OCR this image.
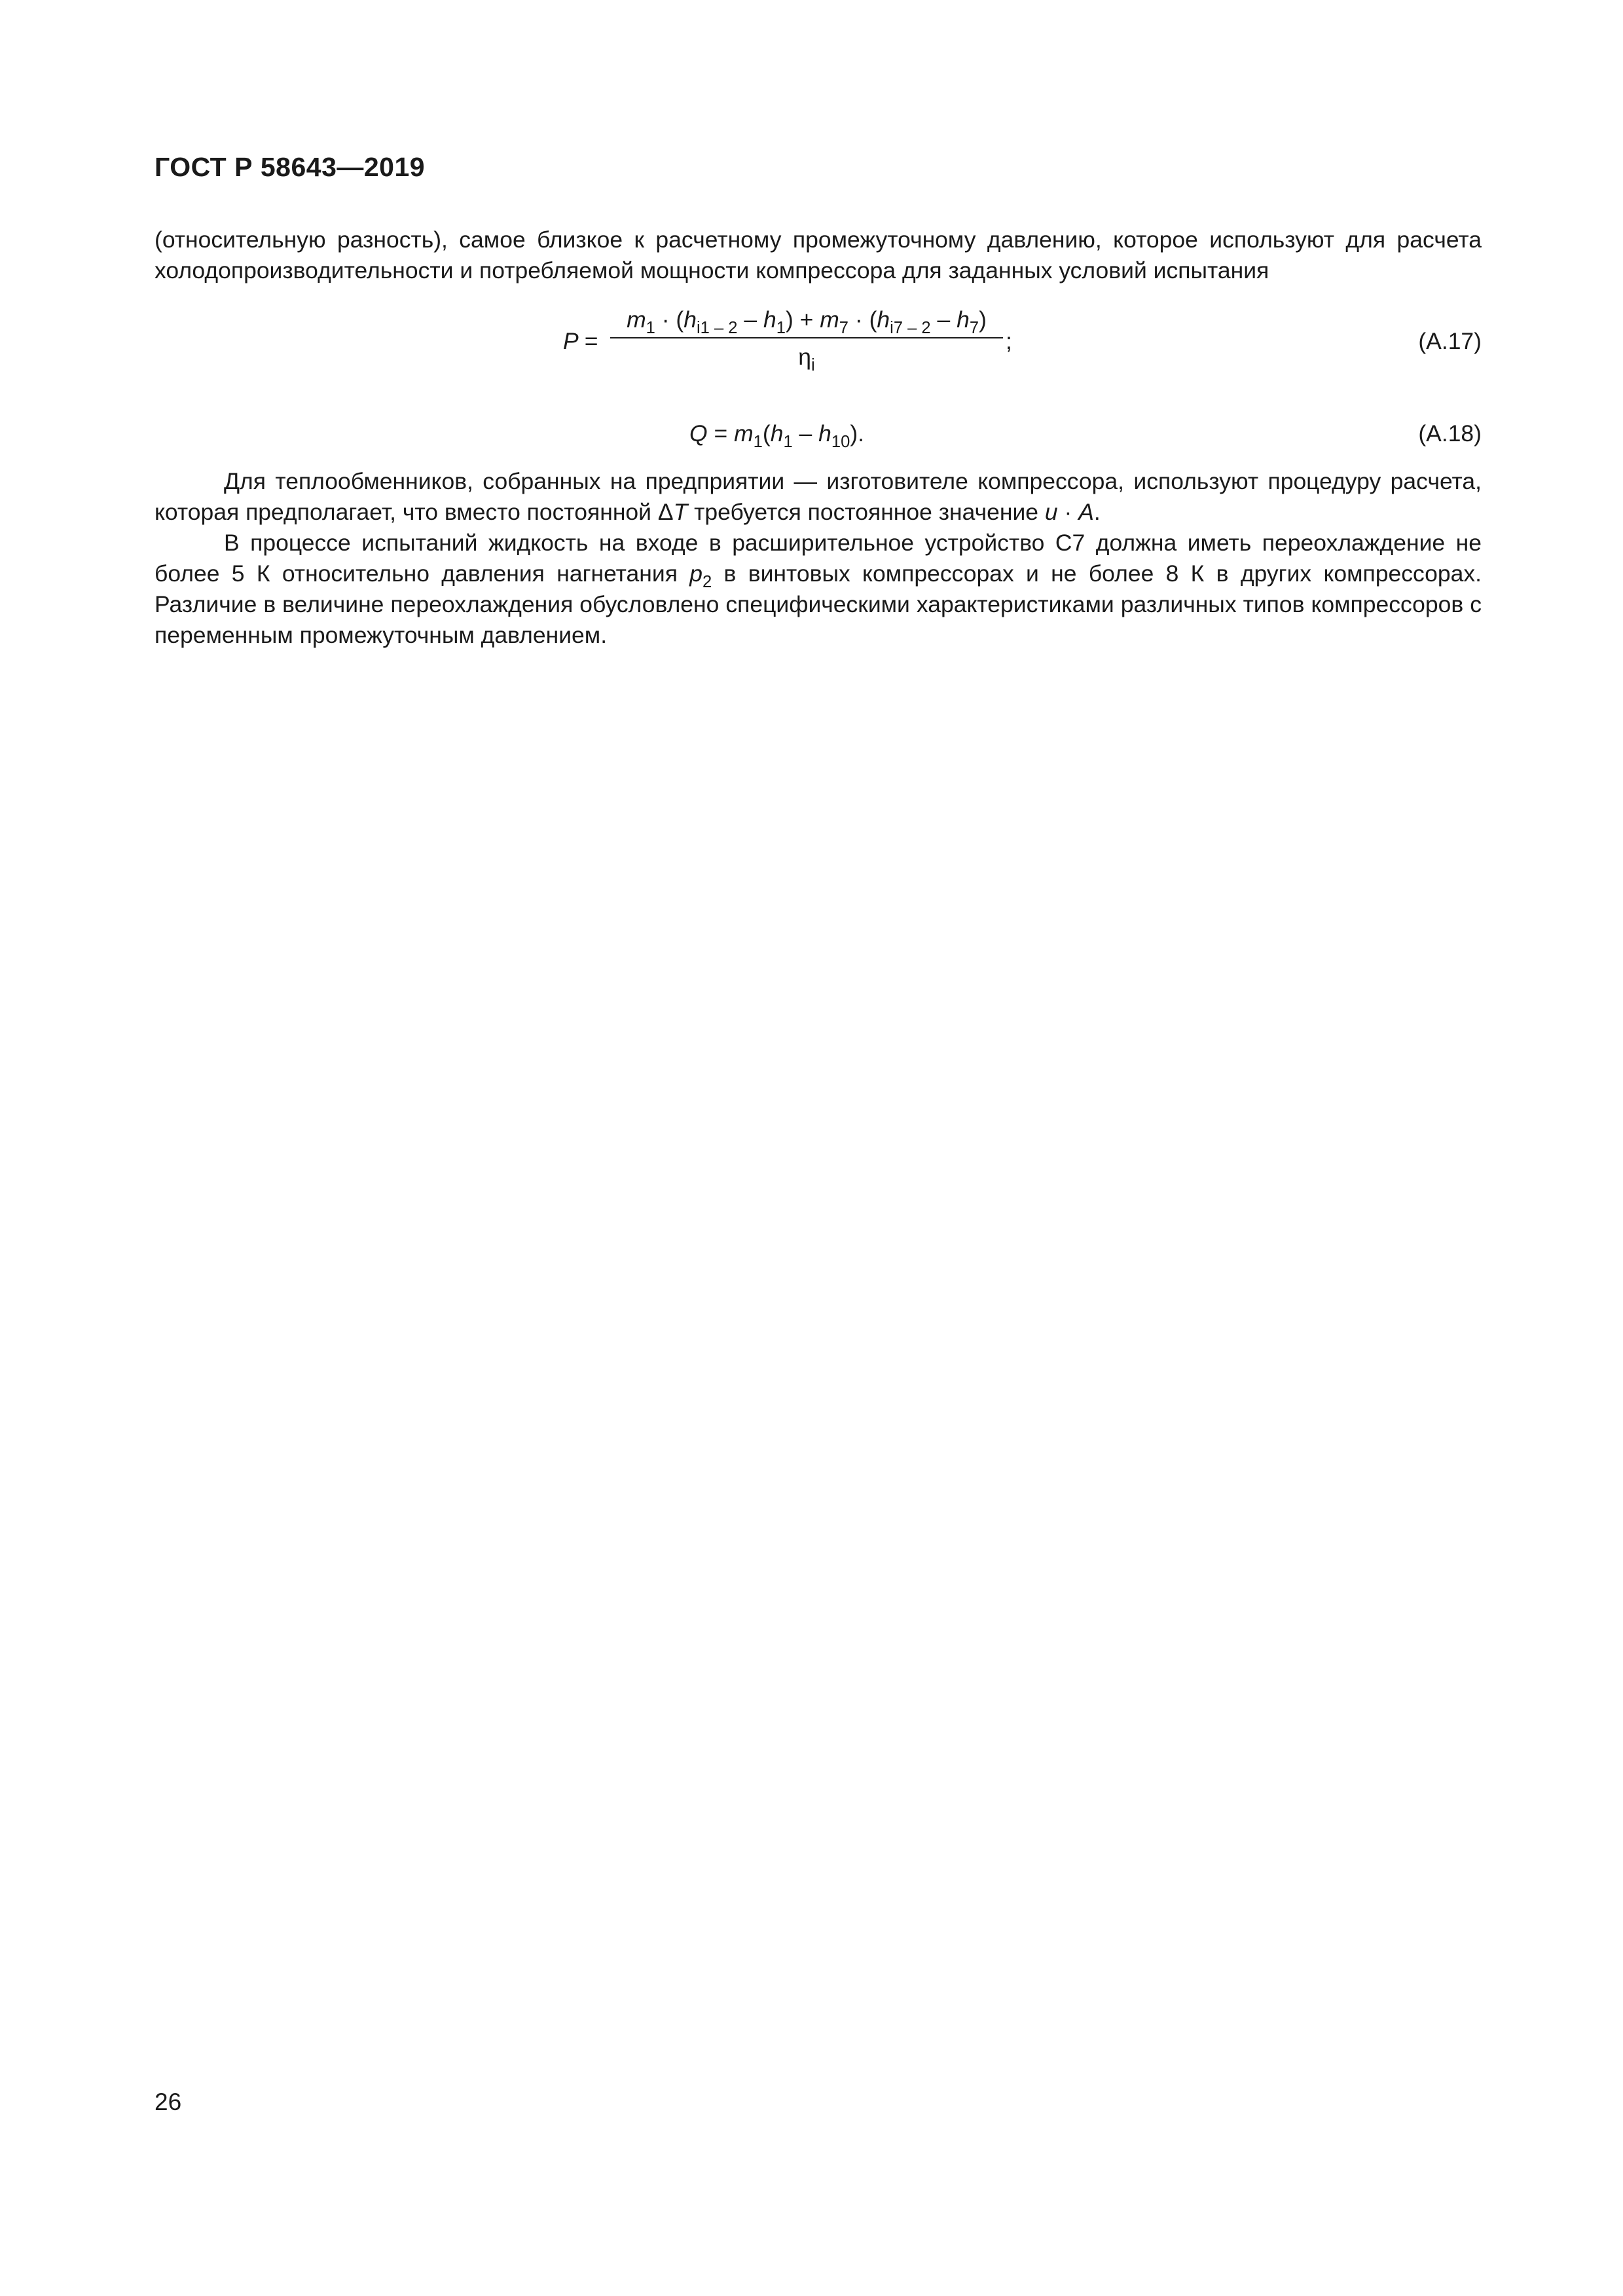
ГОСТ Р 58643—2019

(относительную разность), самое близкое к расчетному промежуточному давлению, которое используют для расчета холодопроизводительности и потребляемой мощности компрессора для заданных условий испытания

P =
$m_1 \cdot (h_{i1 - 2} - h_1) + m_7 \cdot (h_{i7 - 2} - h_7)$
$\eta_i$
;	(А.17)
$Q = m_1(h_1 - h_{10})$.	(А.18)

Для теплообменников, собранных на предприятии — изготовителе компрессора, используют процедуру расчета, которая предполагает, что вместо постоянной ΔT требуется постоянное значение u · A.

В процессе испытаний жидкость на входе в расширительное устройство С7 должна иметь переохлаждение не более 5 К относительно давления нагнетания $p_2$ в винтовых компрессорах и не более 8 К в других компрессорах. Различие в величине переохлаждения обусловлено специфическими характеристиками различных типов компрессоров с переменным промежуточным давлением.

26
